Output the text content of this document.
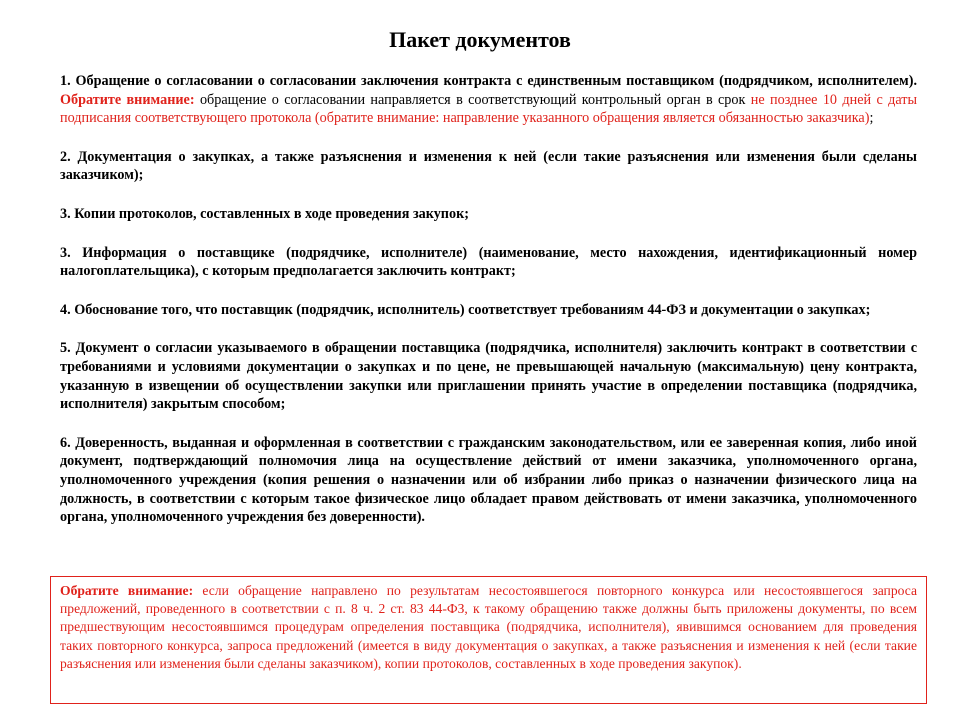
Пакет документов

1. Обращение о согласовании о согласовании заключения контракта с единственным поставщиком (подрядчиком, исполнителем). Обратите внимание: обращение о согласовании направляется в соответствующий контрольный орган в срок не позднее 10 дней с даты подписания соответствующего протокола (обратите внимание: направление указанного обращения является обязанностью заказчика);

2. Документация о закупках, а также разъяснения и изменения к ней (если такие разъяснения или изменения были сделаны заказчиком);

3. Копии протоколов, составленных в ходе проведения закупок;

3. Информация о поставщике (подрядчике, исполнителе) (наименование, место нахождения, идентификационный номер налогоплательщика), с которым предполагается заключить контракт;

4. Обоснование того, что поставщик (подрядчик, исполнитель) соответствует требованиям 44-ФЗ и документации о закупках;

5. Документ о согласии указываемого в обращении поставщика (подрядчика, исполнителя) заключить контракт в соответствии с требованиями и условиями документации о закупках и по цене, не превышающей начальную (максимальную) цену контракта, указанную в извещении об осуществлении закупки или приглашении принять участие в определении поставщика (подрядчика, исполнителя) закрытым способом;

6. Доверенность, выданная и оформленная в соответствии с гражданским законодательством, или ее заверенная копия, либо иной документ, подтверждающий полномочия лица на осуществление действий от имени заказчика, уполномоченного органа, уполномоченного учреждения (копия решения о назначении или об избрании либо приказ о назначении физического лица на должность, в соответствии с которым такое физическое лицо обладает правом действовать от имени заказчика, уполномоченного органа, уполномоченного учреждения без доверенности).

Обратите внимание: если обращение направлено по результатам несостоявшегося повторного конкурса или несостоявшегося запроса предложений, проведенного в соответствии с п. 8 ч. 2 ст. 83 44-ФЗ, к такому обращению также должны быть приложены документы, по всем предшествующим несостоявшимся процедурам определения поставщика (подрядчика, исполнителя), явившимся основанием для проведения таких повторного конкурса, запроса предложений (имеется в виду документация о закупках, а также разъяснения и изменения к ней (если такие разъяснения или изменения были сделаны заказчиком), копии протоколов, составленных в ходе проведения закупок).
